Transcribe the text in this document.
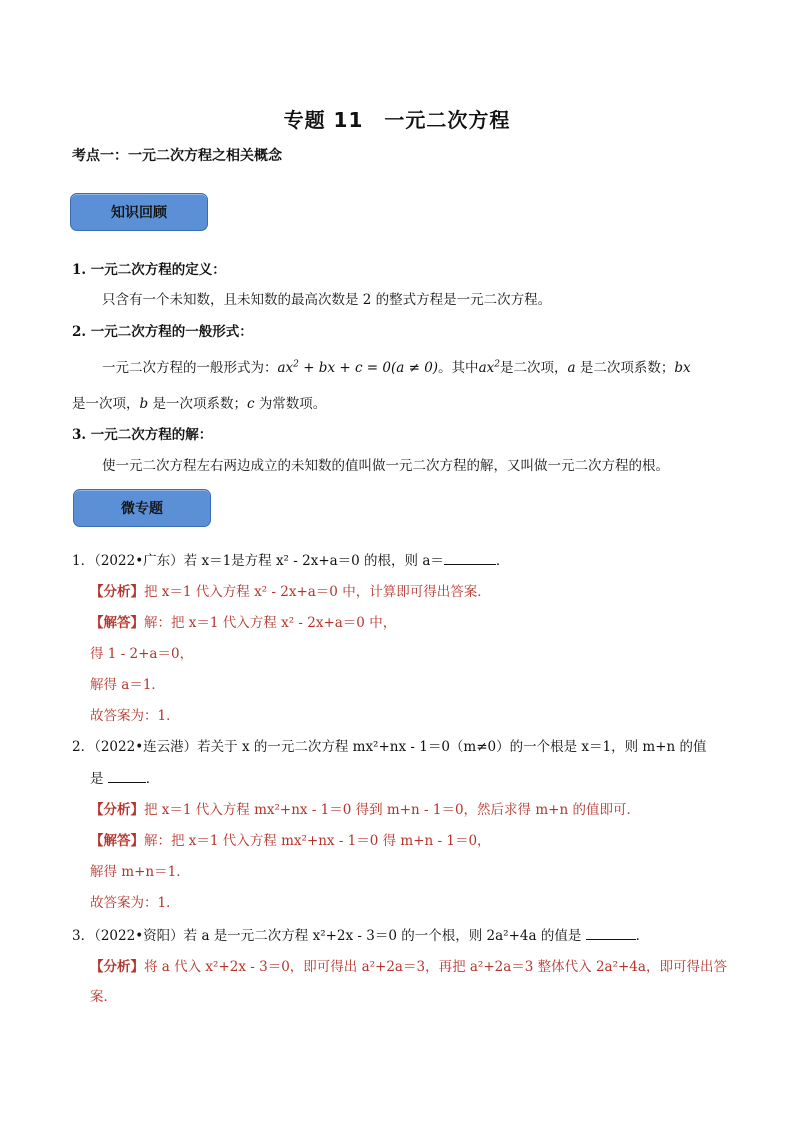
专题 11　一元二次方程
考点一：一元二次方程之相关概念
知识回顾
1. 一元二次方程的定义：
只含有一个未知数，且未知数的最高次数是 2 的整式方程是一元二次方程。
2. 一元二次方程的一般形式：
一元二次方程的一般形式为：$ax^2$ + bx + c = 0(a ≠ 0)。其中$ax^2$是二次项，a 是二次项系数；bx
是一次项，b 是一次项系数；c 为常数项。
3. 一元二次方程的解：
使一元二次方程左右两边成立的未知数的值叫做一元二次方程的解，又叫做一元二次方程的根。
微专题
1．（2022•广东）若 x＝1是方程 x² - 2x+a＝0 的根，则 a＝	．
【分析】把 x＝1 代入方程 x² - 2x+a＝0 中，计算即可得出答案．
【解答】解：把 x＝1 代入方程 x² - 2x+a＝0 中，
得 1 - 2+a＝0，
解得 a＝1．
故答案为：1．
2．（2022•连云港）若关于 x 的一元二次方程 mx²+nx - 1＝0（m≠0）的一个根是 x＝1，则 m+n 的值
是	．
【分析】把 x＝1 代入方程 mx²+nx - 1＝0 得到 m+n - 1＝0，然后求得 m+n 的值即可．
【解答】解：把 x＝1 代入方程 mx²+nx - 1＝0 得 m+n - 1＝0，
解得 m+n＝1．
故答案为：1．
3．（2022•资阳）若 a 是一元二次方程 x²+2x - 3＝0 的一个根，则 2a²+4a 的值是	．
【分析】将 a 代入 x²+2x - 3＝0，即可得出 a²+2a＝3，再把 a²+2a＝3 整体代入 2a²+4a，即可得出答
案．
